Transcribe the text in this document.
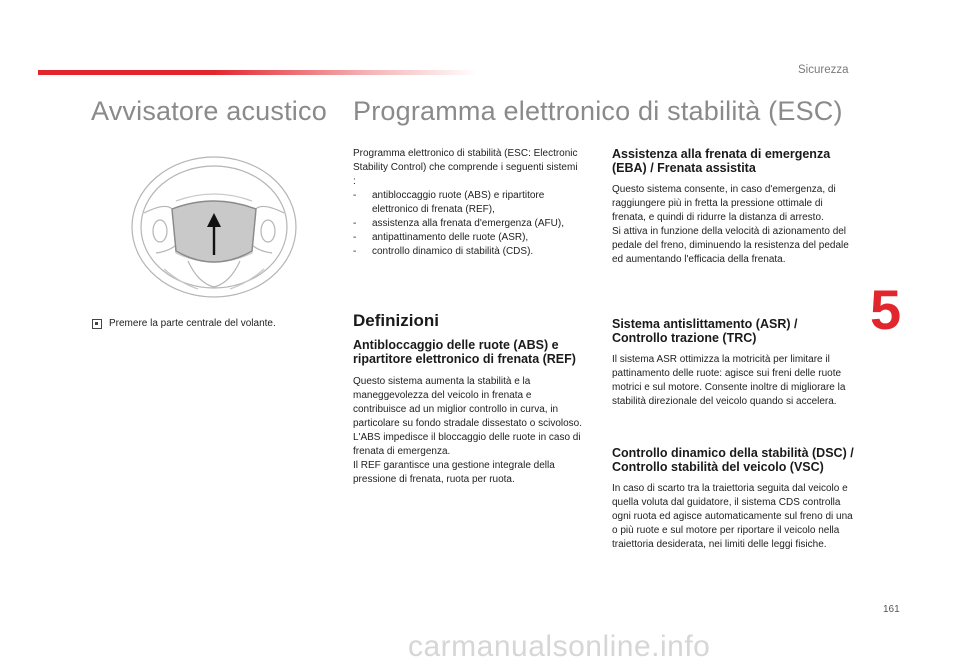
Sicurezza
Avvisatore acustico Programma elettronico di stabilità (ESC)
Premere la parte centrale del volante.

Programma elettronico di stabilità (ESC: Electronic Stability Control) che comprende i seguenti sistemi :

- antibloccaggio ruote (ABS) e ripartitore elettronico di frenata (REF),
- assistenza alla frenata d'emergenza (AFU),
- antipattinamento delle ruote (ASR),
- controllo dinamico di stabilità (CDS).
Definizioni
Antibloccaggio delle ruote (ABS) e ripartitore elettronico di frenata (REF)

Questo sistema aumenta la stabilità e la maneggevolezza del veicolo in frenata e contribuisce ad un miglior controllo in curva, in particolare su fondo stradale dissestato o scivoloso.

L'ABS impedisce il bloccaggio delle ruote in caso di frenata di emergenza.

Il REF garantisce una gestione integrale della pressione di frenata, ruota per ruota.

Assistenza alla frenata di emergenza (EBA) / Frenata assistita

Questo sistema consente, in caso d'emergenza, di raggiungere più in fretta la pressione ottimale di frenata, e quindi di ridurre la distanza di arresto.

Si attiva in funzione della velocità di azionamento del pedale del freno, diminuendo la resistenza del pedale ed aumentando l'efficacia della frenata.

Sistema antislittamento (ASR) / Controllo trazione (TRC)

Il sistema ASR ottimizza la motricità per limitare il pattinamento delle ruote: agisce sui freni delle ruote motrici e sul motore. Consente inoltre di migliorare la stabilità direzionale del veicolo quando si accelera.

Controllo dinamico della stabilità (DSC) / Controllo stabilità del veicolo (VSC)

In caso di scarto tra la traiettoria seguita dal veicolo e quella voluta dal guidatore, il sistema CDS controlla ogni ruota ed agisce automaticamente sul freno di una o più ruote e sul motore per riportare il veicolo nella traiettoria desiderata, nei limiti delle leggi fisiche.

5
161
carmanualsonline.info
